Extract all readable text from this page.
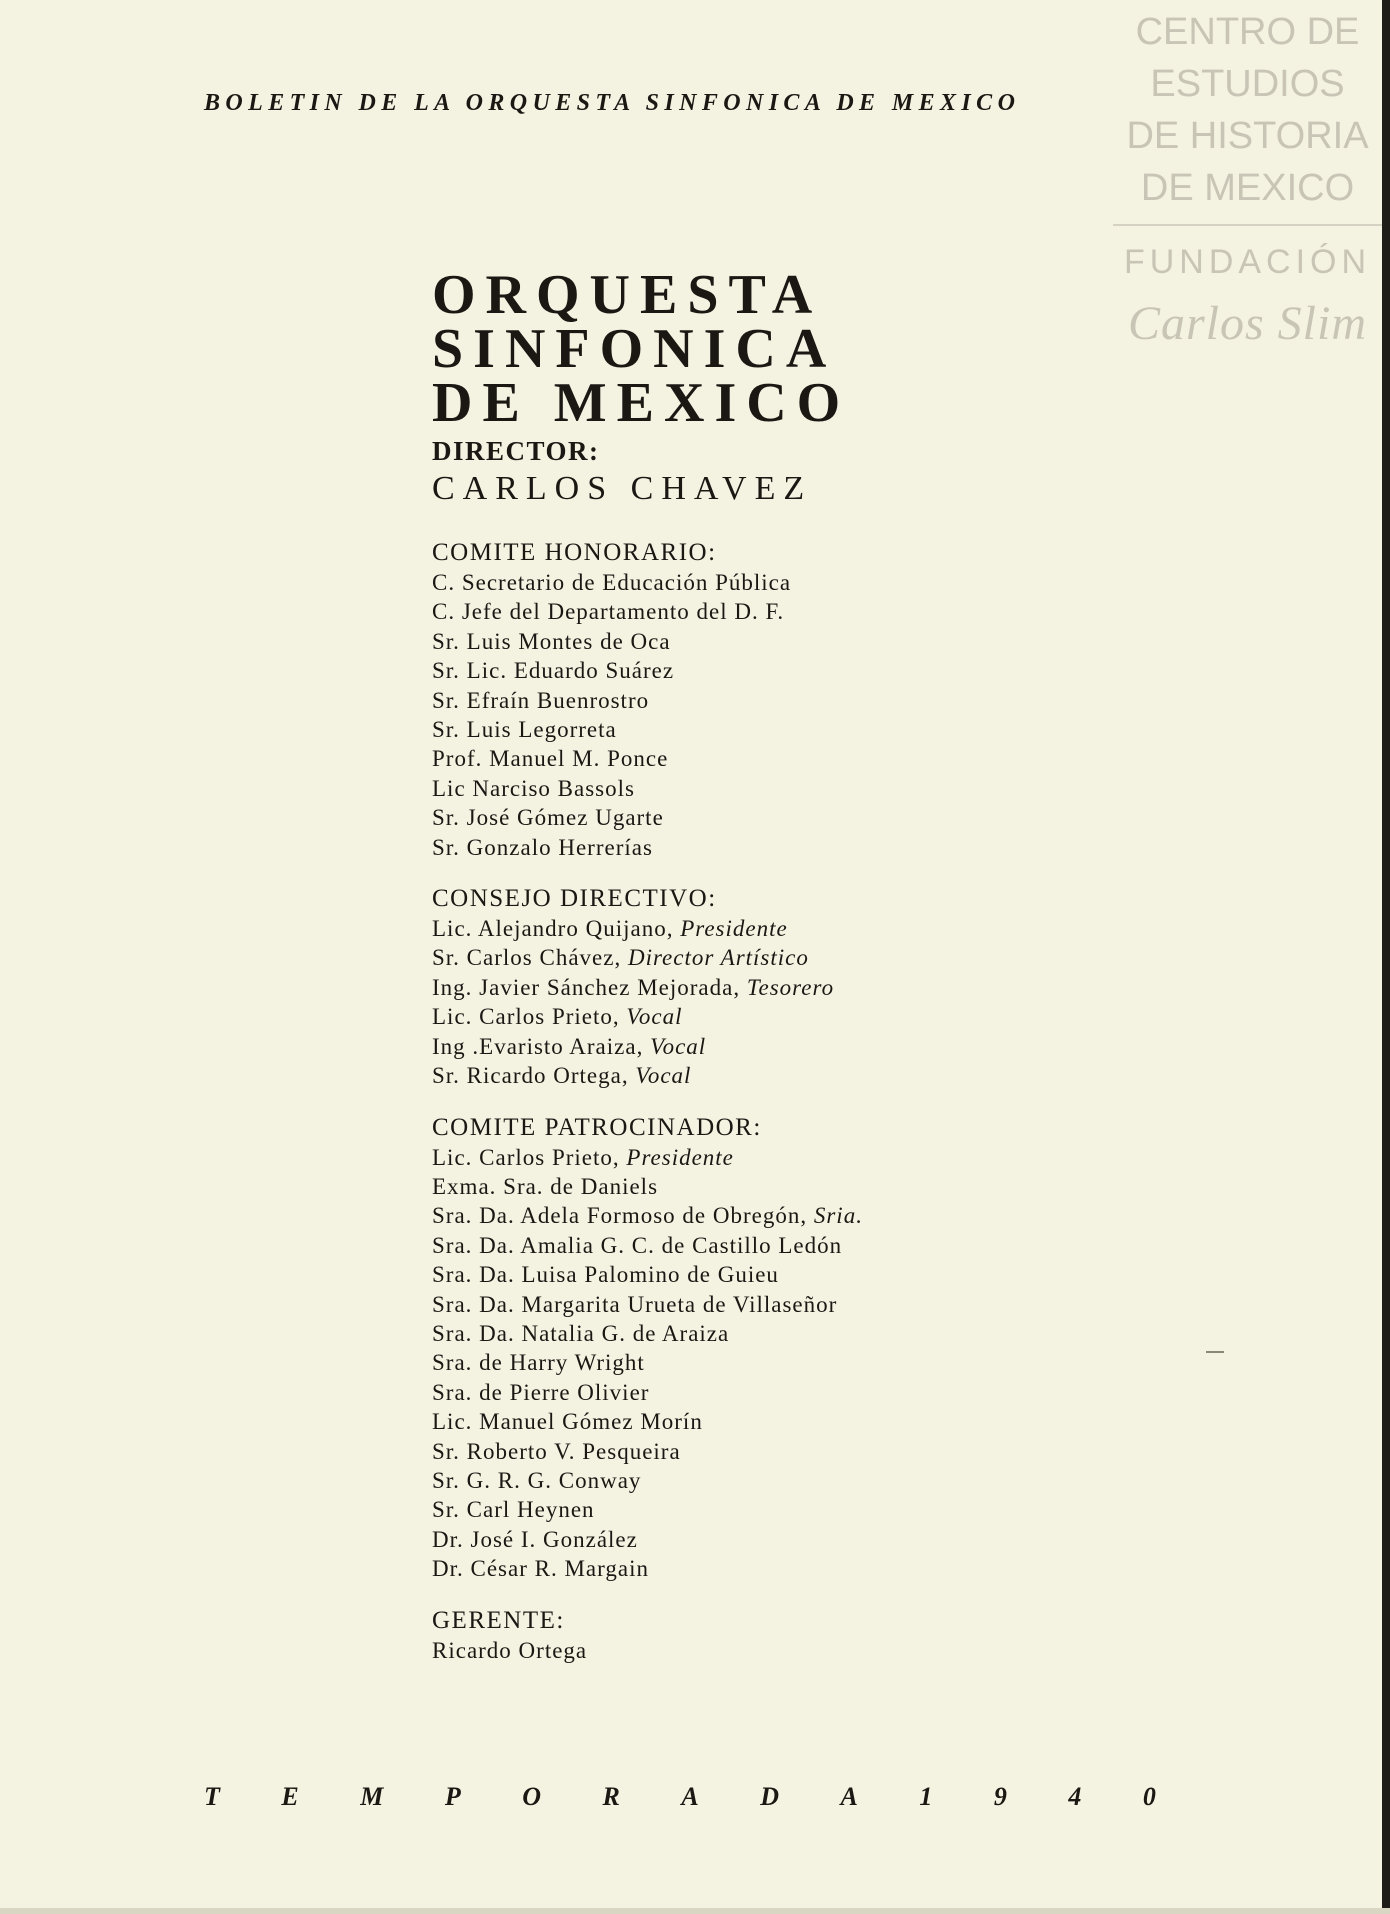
BOLETIN DE LA ORQUESTA SINFONICA DE MEXICO
CENTRO DE
ESTUDIOS
DE HISTORIA
DE MEXICO
FUNDACIÓN
Carlos Slim
ORQUESTA
SINFONICA
DE MEXICO
DIRECTOR:
CARLOS CHAVEZ
COMITE HONORARIO:
C. Secretario de Educación Pública
C. Jefe del Departamento del D. F.
Sr. Luis Montes de Oca
Sr. Lic. Eduardo Suárez
Sr. Efraín Buenrostro
Sr. Luis Legorreta
Prof. Manuel M. Ponce
Lic Narciso Bassols
Sr. José Gómez Ugarte
Sr. Gonzalo Herrerías
CONSEJO DIRECTIVO:
Lic. Alejandro Quijano, Presidente
Sr. Carlos Chávez, Director Artístico
Ing. Javier Sánchez Mejorada, Tesorero
Lic. Carlos Prieto, Vocal
Ing .Evaristo Araiza, Vocal
Sr. Ricardo Ortega, Vocal
COMITE PATROCINADOR:
Lic. Carlos Prieto, Presidente
Exma. Sra. de Daniels
Sra. Da. Adela Formoso de Obregón, Sria.
Sra. Da. Amalia G. C. de Castillo Ledón
Sra. Da. Luisa Palomino de Guieu
Sra. Da. Margarita Urueta de Villaseñor
Sra. Da. Natalia G. de Araiza
Sra. de Harry Wright
Sra. de Pierre Olivier
Lic. Manuel Gómez Morín
Sr. Roberto V. Pesqueira
Sr. G. R. G. Conway
Sr. Carl Heynen
Dr. José I. González
Dr. César R. Margain
GERENTE:
Ricardo Ortega
T E M P O R A D A 1 9 4 0
